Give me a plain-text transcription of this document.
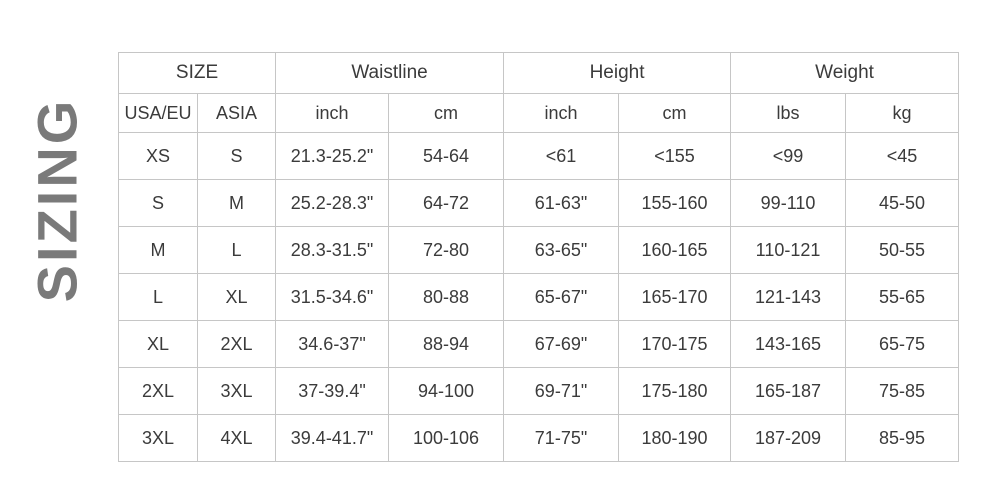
SIZING
SIZE		Waistline		Height		Weight	
USA/EU	ASIA	inch	cm	inch	cm	lbs	kg
XS	S	21.3-25.2"	54-64	<61	<155	<99	<45
S	M	25.2-28.3"	64-72	61-63"	155-160	99-110	45-50
M	L	28.3-31.5"	72-80	63-65"	160-165	110-121	50-55
L	XL	31.5-34.6"	80-88	65-67"	165-170	121-143	55-65
XL	2XL	34.6-37"	88-94	67-69"	170-175	143-165	65-75
2XL	3XL	37-39.4"	94-100	69-71"	175-180	165-187	75-85
3XL	4XL	39.4-41.7"	100-106	71-75"	180-190	187-209	85-95
